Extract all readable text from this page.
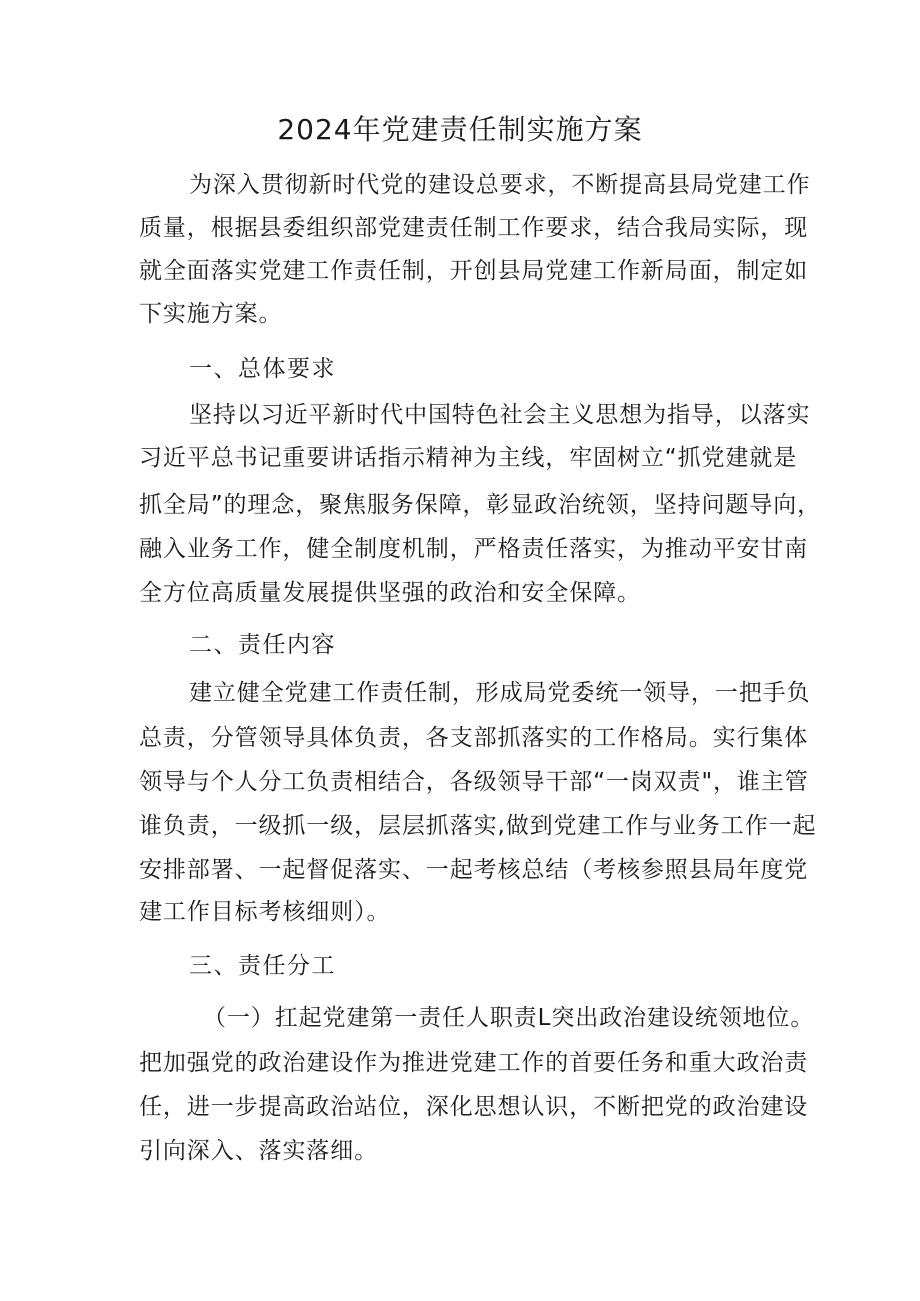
2024年党建责任制实施方案
为深入贯彻新时代党的建设总要求，不断提高县局党建工作
质量，根据县委组织部党建责任制工作要求，结合我局实际，现
就全面落实党建工作责任制，开创县局党建工作新局面，制定如
下实施方案。
一、总体要求
坚持以习近平新时代中国特色社会主义思想为指导，以落实
习近平总书记重要讲话指示精神为主线，牢固树立“抓党建就是
抓全局”的理念，聚焦服务保障，彰显政治统领，坚持问题导向，
融入业务工作，健全制度机制，严格责任落实，为推动平安甘南
全方位高质量发展提供坚强的政治和安全保障。
二、责任内容
建立健全党建工作责任制，形成局党委统一领导，一把手负
总责，分管领导具体负责，各支部抓落实的工作格局。实行集体
领导与个人分工负责相结合，各级领导干部“一岗双责"，谁主管
谁负责，一级抓一级，层层抓落实,做到党建工作与业务工作一起
安排部署、一起督促落实、一起考核总结（考核参照县局年度党
建工作目标考核细则）。
三、责任分工
（一）扛起党建第一责任人职责L突出政治建设统领地位。
把加强党的政治建设作为推进党建工作的首要任务和重大政治责
任，进一步提高政治站位，深化思想认识，不断把党的政治建设
引向深入、落实落细。
